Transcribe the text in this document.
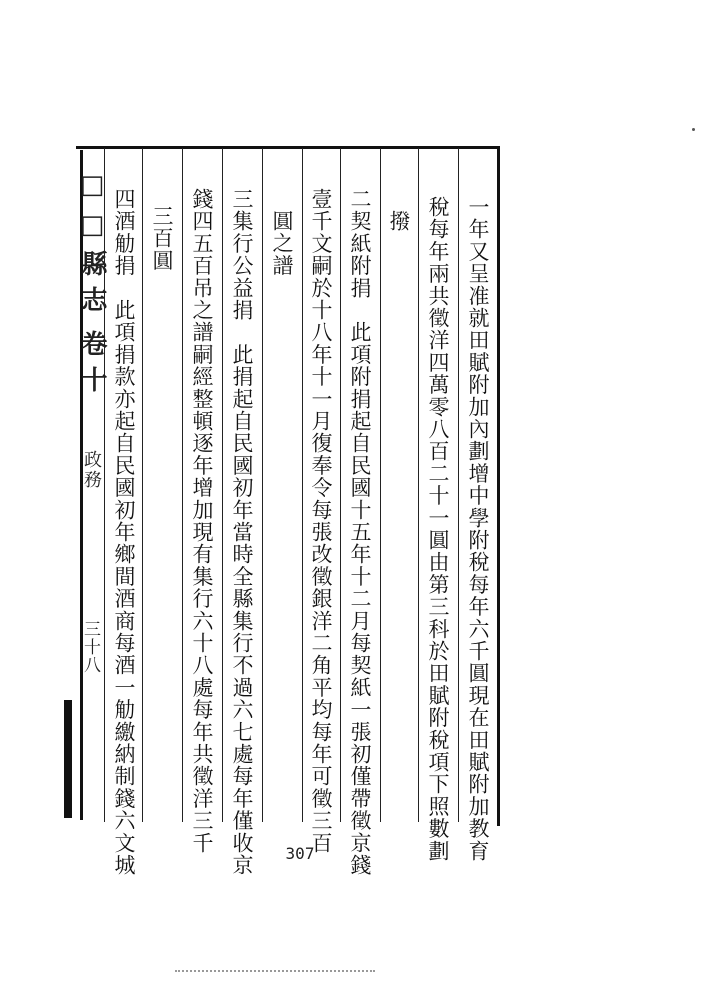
一年又呈准就田賦附加內劃增中學附稅每年六千圓現在田賦附加教育
稅每年兩共徵洋四萬零八百二十一圓由第三科於田賦附稅項下照數劃
撥
二契紙附捐　此項附捐起自民國十五年十二月每契紙一張初僅帶徵京錢
壹千文嗣於十八年十一月復奉令每張改徵銀洋二角平均每年可徵三百
圓之譜
三集行公益捐　此捐起自民國初年當時全縣集行不過六七處每年僅收京
錢四五百吊之譜嗣經整頓逐年增加現有集行六十八處每年共徵洋三千
三百圓
四酒觔捐　此項捐款亦起自民國初年鄉間酒商每酒一觔繳納制錢六文城
□□縣志
卷十
政務
三十八
307
